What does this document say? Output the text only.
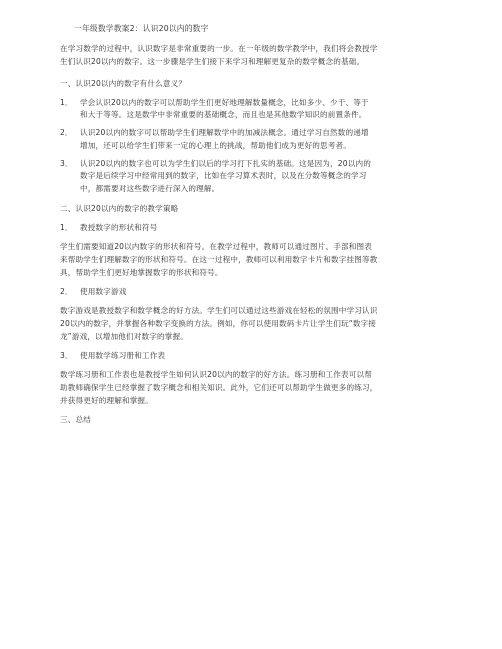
一年级数学教案2：认识20以内的数字
在学习数学的过程中，认识数字是非常重要的一步。在一年级的数学教学中，我们将会教授学
生们认识20以内的数字。这一步骤是学生们接下来学习和理解更复杂的数学概念的基础。
一、认识20以内的数字有什么意义？
1． 学会认识20以内的数字可以帮助学生们更好地理解数量概念，比如多少、少于、等于
和大于等等。这是数学中非常重要的基础概念，而且也是其他数学知识的前置条件。
2． 认识20以内的数字可以帮助学生们理解数学中的加减法概念。通过学习自然数的递增
增加，还可以给学生们带来一定的心理上的挑战，帮助他们成为更好的思考者。
3． 认识20以内的数字也可以为学生们以后的学习打下扎实的基础。这是因为，20以内的
数字是后续学习中经常用到的数字，比如在学习算术表时，以及在分数等概念的学习
中，都需要对这些数字进行深入的理解。
二、认识20以内的数字的教学策略
1． 教授数字的形状和符号
学生们需要知道20以内数字的形状和符号。在教学过程中，教师可以通过图片、手部和图表
来帮助学生们理解数字的形状和符号。在这一过程中，教师可以利用数字卡片和数字挂图等教
具，帮助学生们更好地掌握数字的形状和符号。
2． 使用数字游戏
数字游戏是教授数字和数学概念的好方法。学生们可以通过这些游戏在轻松的氛围中学习认识
20以内的数字，并掌握各种数字变换的方法。例如，你可以使用数码卡片让学生们玩“数字接
龙”游戏，以增加他们对数字的掌握。
3． 使用数学练习册和工作表
数学练习册和工作表也是教授学生如何认识20以内的数字的好方法。练习册和工作表可以帮
助教师确保学生已经掌握了数字概念和相关知识。此外，它们还可以帮助学生做更多的练习，
并获得更好的理解和掌握。
三、总结
